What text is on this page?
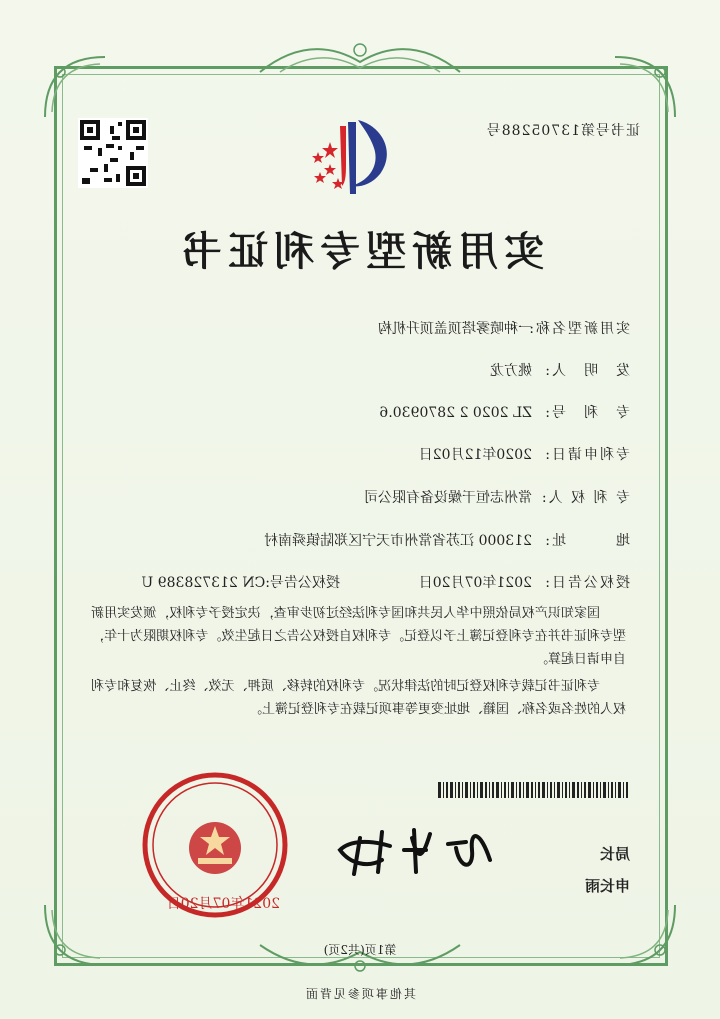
证书号第13705288号
实用新型专利证书
实用新型名称:一种喷雾塔顶盖顶升机构
发　明　人:姚方龙
专　利　号:ZL 2020 2 2870930.6
专利申请日:2020年12月02日
专 利 权 人:常州志恒干燥设备有限公司
地　　　址:213000 江苏省常州市天宁区郑陆镇舜南村
授权公告日:2021年07月20日
授权公告号:CN 213728389 U

国家知识产权局依照中华人民共和国专利法经过初步审查，决定授予专利权，颁发实用新型专利证书并在专利登记簿上予以登记。专利权自授权公告之日起生效。专利权期限为十年，自申请日起算。

专利证书记载专利权登记时的法律状况。专利权的转移、质押、无效、终止、恢复和专利权人的姓名或名称、国籍、地址变更等事项记载在专利登记簿上。

局长
申长雨
2021年07月20日
第1页(共2页)
其他事项参见背面
